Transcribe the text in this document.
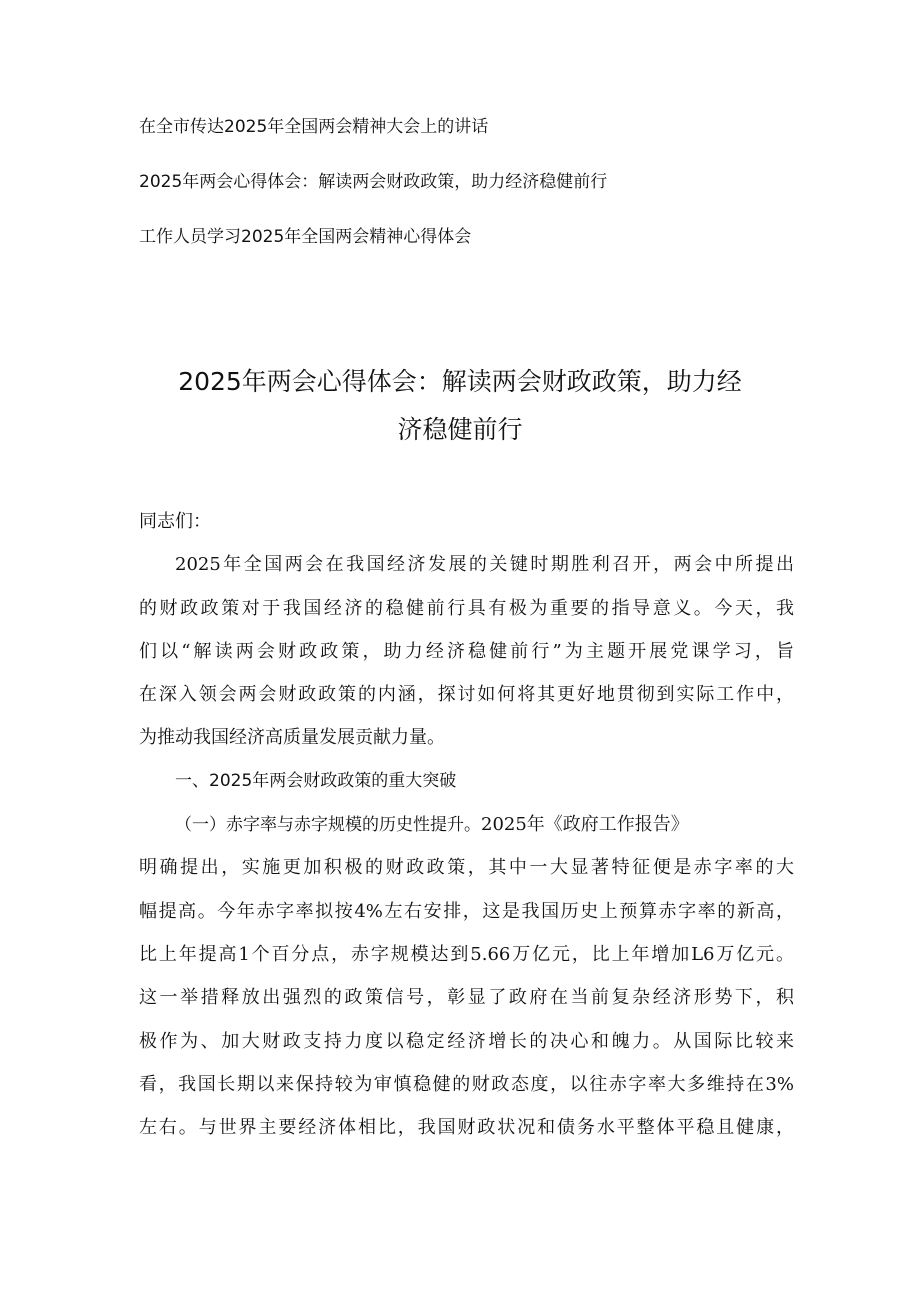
在全市传达2025年全国两会精神大会上的讲话
2025年两会心得体会：解读两会财政政策，助力经济稳健前行
工作人员学习2025年全国两会精神心得体会
2025年两会心得体会：解读两会财政政策，助力经
济稳健前行
同志们：
2025年全国两会在我国经济发展的关键时期胜利召开，两会中所提出
的财政政策对于我国经济的稳健前行具有极为重要的指导意义。今天，我
们以“解读两会财政政策，助力经济稳健前行”为主题开展党课学习，旨
在深入领会两会财政政策的内涵，探讨如何将其更好地贯彻到实际工作中，
为推动我国经济高质量发展贡献力量。
一、2025年两会财政政策的重大突破
（一）赤字率与赤字规模的历史性提升。2025年《政府工作报告》
明确提出，实施更加积极的财政政策，其中一大显著特征便是赤字率的大
幅提高。今年赤字率拟按4%左右安排，这是我国历史上预算赤字率的新高，
比上年提高1个百分点，赤字规模达到5.66万亿元，比上年增加L6万亿元。
这一举措释放出强烈的政策信号，彰显了政府在当前复杂经济形势下，积
极作为、加大财政支持力度以稳定经济增长的决心和魄力。从国际比较来
看，我国长期以来保持较为审慎稳健的财政态度，以往赤字率大多维持在3%
左右。与世界主要经济体相比，我国财政状况和债务水平整体平稳且健康，
